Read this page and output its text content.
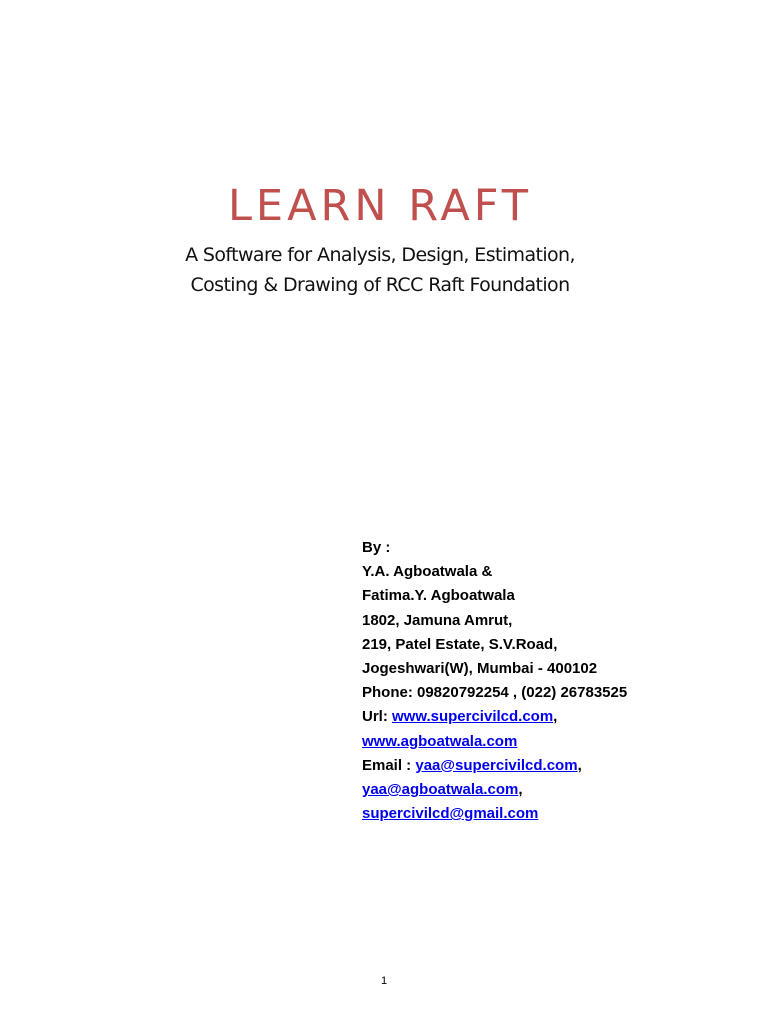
LEARN RAFT
A Software for Analysis, Design, Estimation,
Costing & Drawing of RCC Raft Foundation
By :
Y.A. Agboatwala &
Fatima.Y. Agboatwala
1802, Jamuna Amrut,
219, Patel Estate, S.V.Road,
Jogeshwari(W), Mumbai - 400102
Phone: 09820792254 , (022) 26783525
Url: www.supercivilcd.com,
www.agboatwala.com
Email : yaa@supercivilcd.com,
yaa@agboatwala.com,
supercivilcd@gmail.com
1
